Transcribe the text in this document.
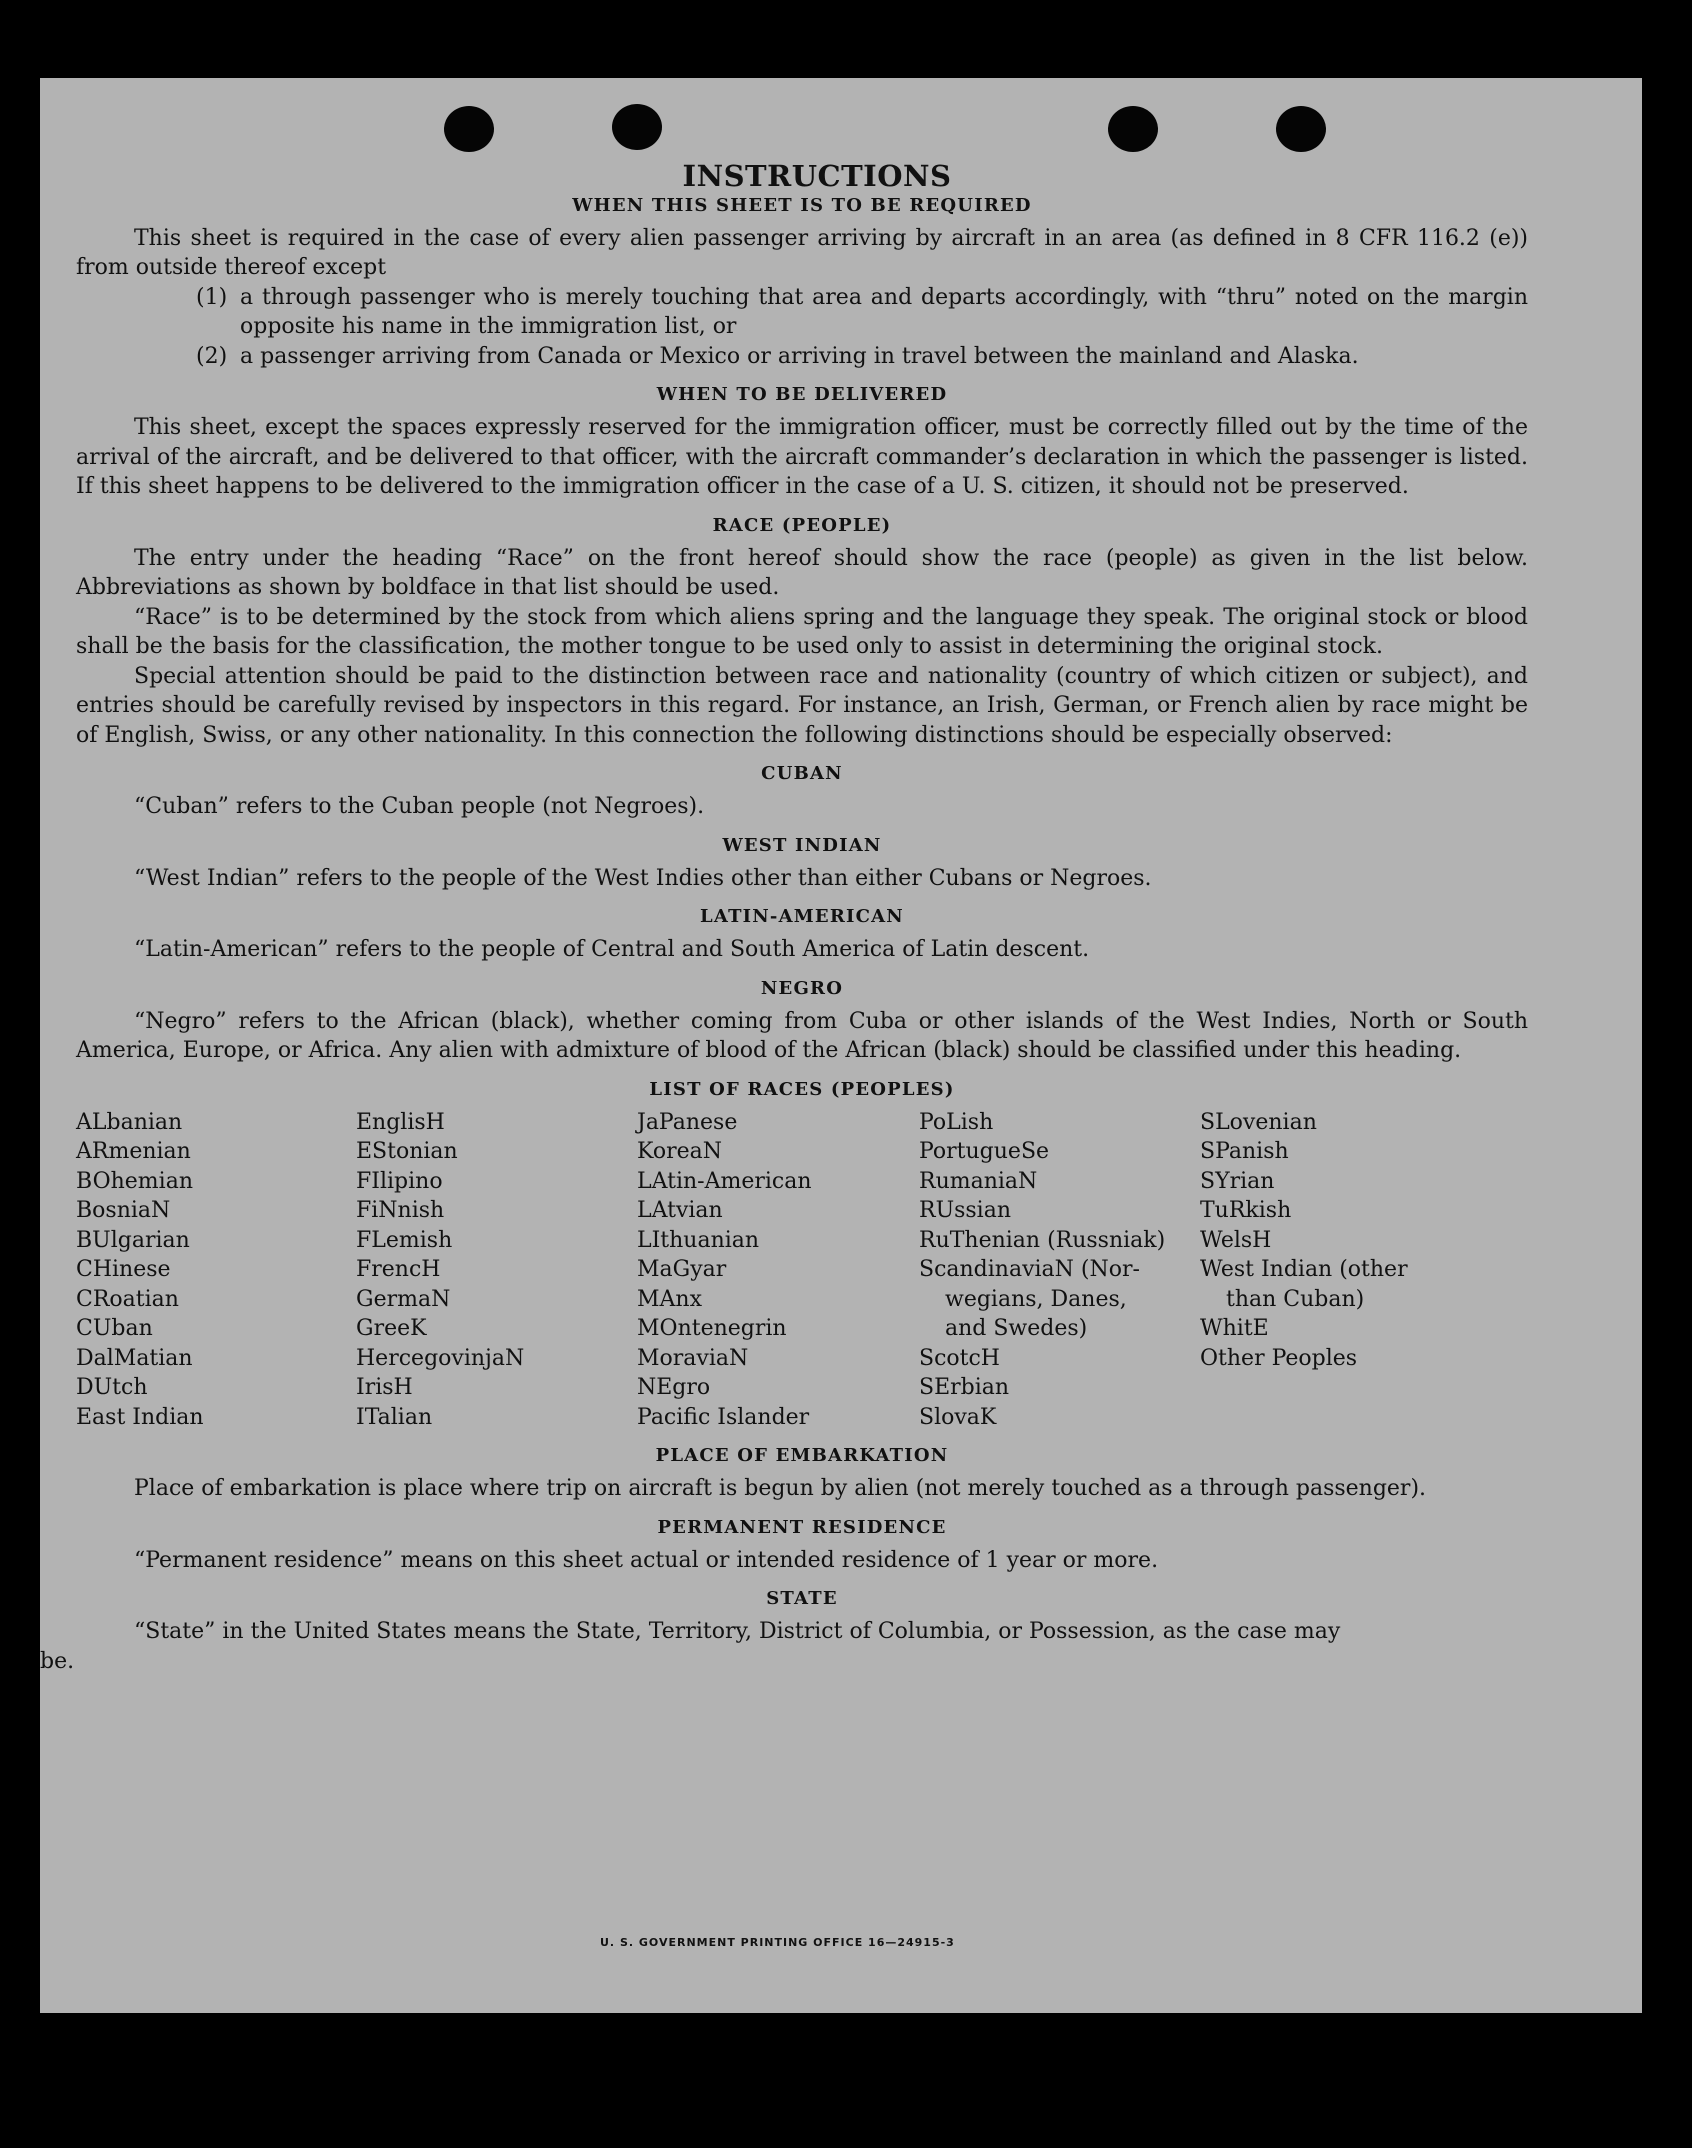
INSTRUCTIONS
WHEN THIS SHEET IS TO BE REQUIRED

This sheet is required in the case of every alien passenger arriving by aircraft in an area (as defined in 8 CFR 116.2 (e)) from outside thereof except

(1) a through passenger who is merely touching that area and departs accordingly, with “thru” noted on the margin opposite his name in the immigration list, or
(2) a passenger arriving from Canada or Mexico or arriving in travel between the mainland and Alaska.
WHEN TO BE DELIVERED

This sheet, except the spaces expressly reserved for the immigration officer, must be correctly filled out by the time of the arrival of the aircraft, and be delivered to that officer, with the aircraft commander’s declaration in which the passenger is listed. If this sheet happens to be delivered to the immigration officer in the case of a U. S. citizen, it should not be preserved.

RACE (PEOPLE)

The entry under the heading “Race” on the front hereof should show the race (people) as given in the list below. Abbreviations as shown by boldface in that list should be used.

“Race” is to be determined by the stock from which aliens spring and the language they speak. The original stock or blood shall be the basis for the classification, the mother tongue to be used only to assist in determining the original stock.

Special attention should be paid to the distinction between race and nationality (country of which citizen or subject), and entries should be carefully revised by inspectors in this regard. For instance, an Irish, German, or French alien by race might be of English, Swiss, or any other nationality. In this connection the following distinctions should be especially observed:

CUBAN

“Cuban” refers to the Cuban people (not Negroes).

WEST INDIAN

“West Indian” refers to the people of the West Indies other than either Cubans or Negroes.

LATIN-AMERICAN

“Latin-American” refers to the people of Central and South America of Latin descent.

NEGRO

“Negro” refers to the African (black), whether coming from Cuba or other islands of the West Indies, North or South America, Europe, or Africa. Any alien with admixture of blood of the African (black) should be classified under this heading.

LIST OF RACES (PEOPLES)
ALbanian
ARmenian
BOhemian
BosniaN
BUlgarian
CHinese
CRoatian
CUban
DalMatian
DUtch
East Indian
EnglisH
EStonian
FIlipino
FiNnish
FLemish
FrencH
GermaN
GreeK
HercegovinjaN
IrisH
ITalian
JaPanese
KoreaN
LAtin-American
LAtvian
LIthuanian
MaGyar
MAnx
MOntenegrin
MoraviaN
NEgro
Pacific Islander
PoLish
PortugueSe
RumaniaN
RUssian
RuThenian (Russniak)
ScandinaviaN (Nor-
wegians, Danes,
and Swedes)
ScotcH
SErbian
SlovaK
SLovenian
SPanish
SYrian
TuRkish
WelsH
West Indian (other
than Cuban)
WhitE
Other Peoples
PLACE OF EMBARKATION

Place of embarkation is place where trip on aircraft is begun by alien (not merely touched as a through passenger).

PERMANENT RESIDENCE

“Permanent residence” means on this sheet actual or intended residence of 1 year or more.

STATE

“State” in the United States means the State, Territory, District of Columbia, or Possession, as the case may

be.

U. S. GOVERNMENT PRINTING OFFICE 16—24915-3
